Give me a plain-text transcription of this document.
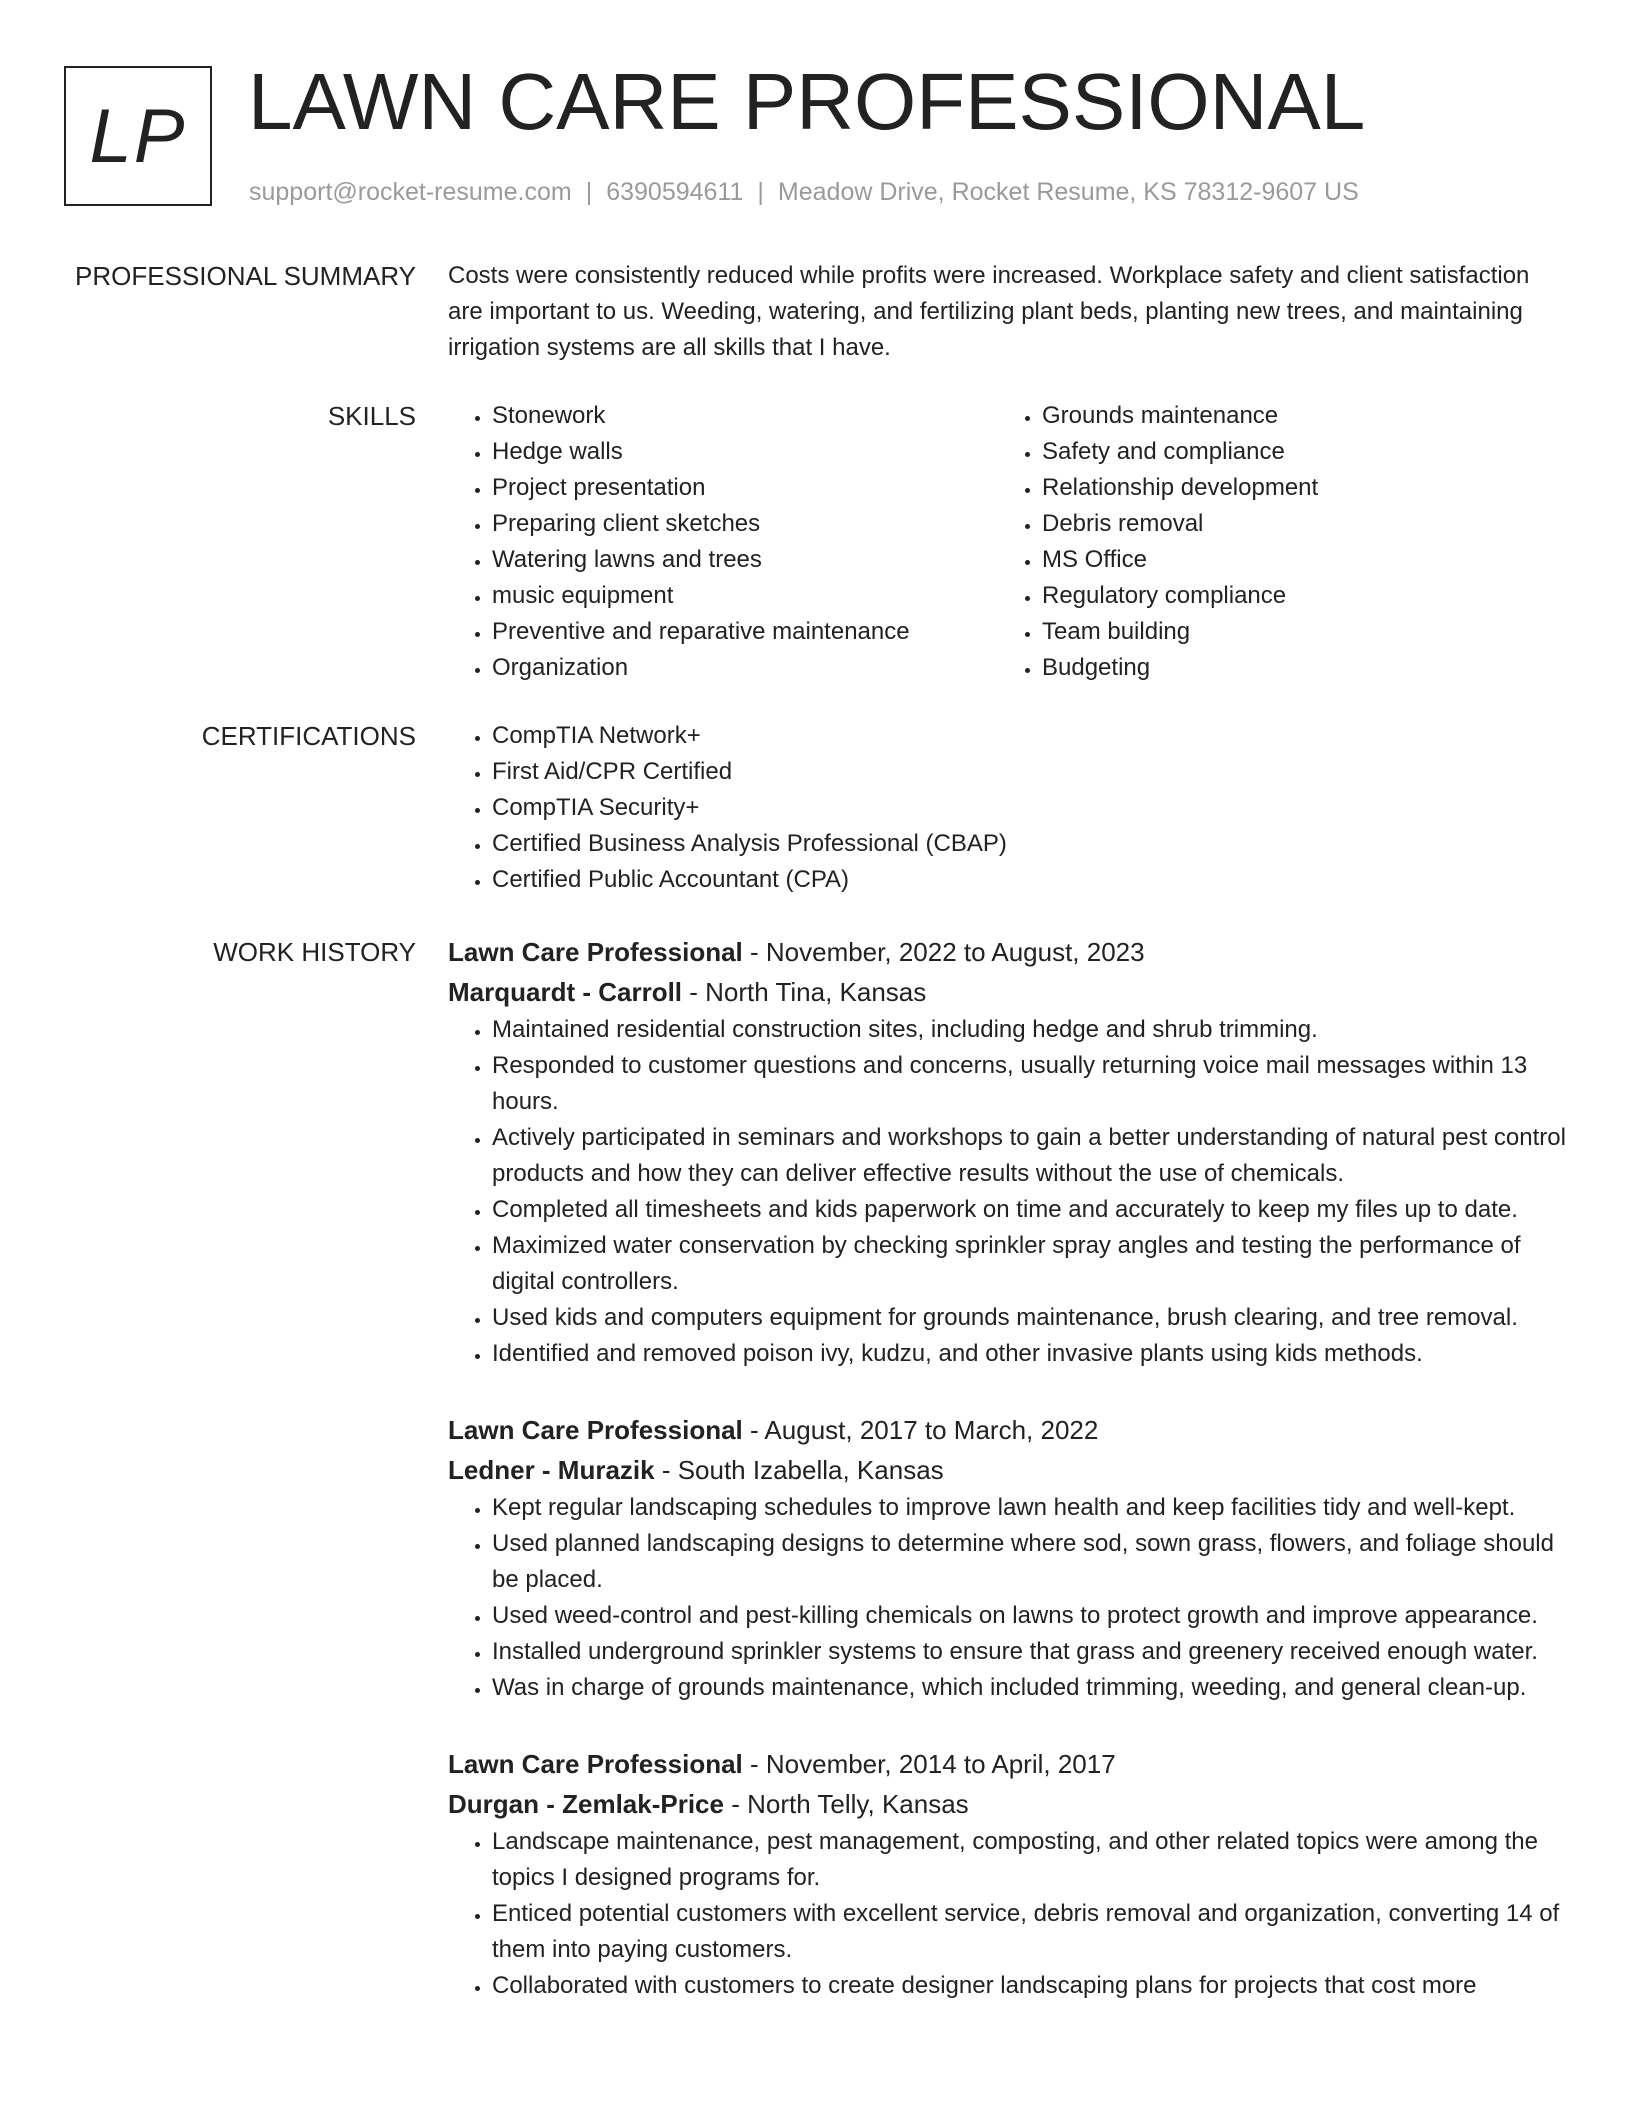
LP LAWN CARE PROFESSIONAL
support@rocket-resume.com | 6390594611 | Meadow Drive, Rocket Resume, KS 78312-9607 US
PROFESSIONAL SUMMARY Costs were consistently reduced while profits were increased. Workplace safety and client satisfaction are important to us. Weeding, watering, and fertilizing plant beds, planting new trees, and maintaining irrigation systems are all skills that I have.

SKILLS	• Stonework
• Hedge walls
• Project presentation
• Preparing client sketches
• Watering lawns and trees
• music equipment
• Preventive and reparative maintenance
• Organization
• Grounds maintenance
• Safety and compliance
• Relationship development
• Debris removal
• MS Office
• Regulatory compliance
• Team building
• Budgeting
CERTIFICATIONS	• CompTIA Network+
• First Aid/CPR Certified
• CompTIA Security+
• Certified Business Analysis Professional (CBAP)
• Certified Public Accountant (CPA)
WORK HISTORY Lawn Care Professional - November, 2022 to August, 2023
Marquardt - Carroll - North Tina, Kansas
• Maintained residential construction sites, including hedge and shrub trimming.
• Responded to customer questions and concerns, usually returning voice mail messages within 13 hours.
• Actively participated in seminars and workshops to gain a better understanding of natural pest control products and how they can deliver effective results without the use of chemicals.
• Completed all timesheets and kids paperwork on time and accurately to keep my files up to date.
• Maximized water conservation by checking sprinkler spray angles and testing the performance of digital controllers.
• Used kids and computers equipment for grounds maintenance, brush clearing, and tree removal.
• Identified and removed poison ivy, kudzu, and other invasive plants using kids methods.
Lawn Care Professional - August, 2017 to March, 2022
Ledner - Murazik - South Izabella, Kansas
• Kept regular landscaping schedules to improve lawn health and keep facilities tidy and well-kept.
• Used planned landscaping designs to determine where sod, sown grass, flowers, and foliage should be placed.
• Used weed-control and pest-killing chemicals on lawns to protect growth and improve appearance.
• Installed underground sprinkler systems to ensure that grass and greenery received enough water.
• Was in charge of grounds maintenance, which included trimming, weeding, and general clean-up.
Lawn Care Professional - November, 2014 to April, 2017
Durgan - Zemlak-Price - North Telly, Kansas
• Landscape maintenance, pest management, composting, and other related topics were among the topics I designed programs for.
• Enticed potential customers with excellent service, debris removal and organization, converting 14 of them into paying customers.
• Collaborated with customers to create designer landscaping plans for projects that cost more
